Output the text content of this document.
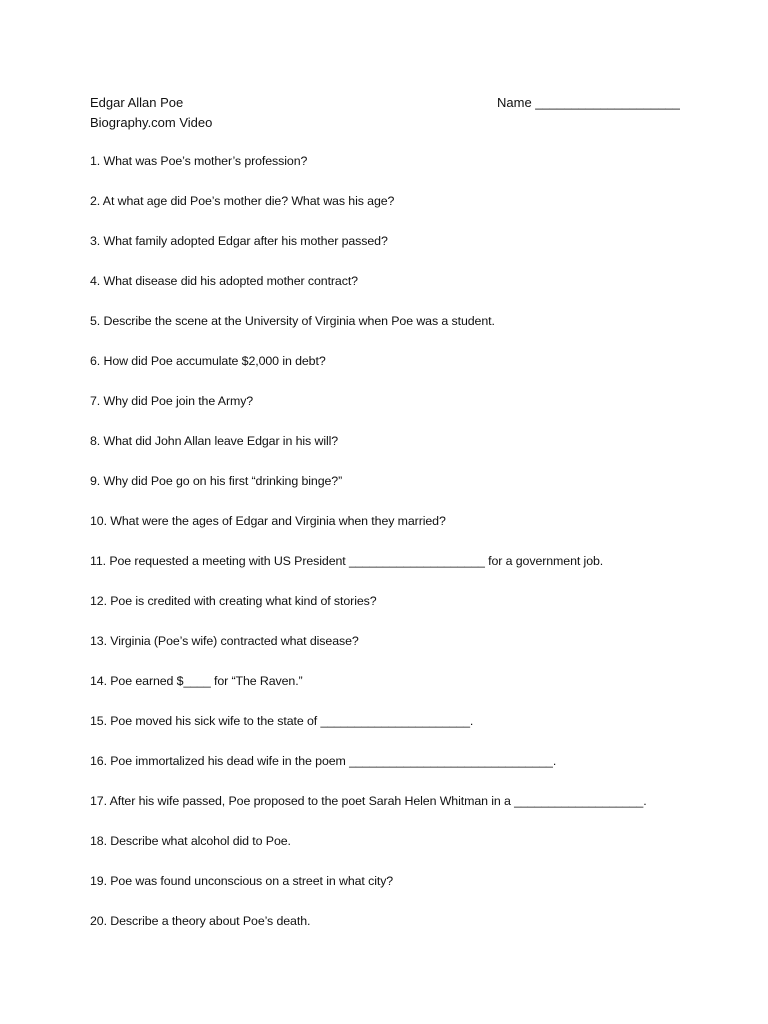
Edgar Allan Poe
Biography.com Video
Name ____________________
1. What was Poe’s mother’s profession?
2. At what age did Poe’s mother die? What was his age?
3. What family adopted Edgar after his mother passed?
4. What disease did his adopted mother contract?
5. Describe the scene at the University of Virginia when Poe was a student.
6. How did Poe accumulate $2,000 in debt?
7. Why did Poe join the Army?
8. What did John Allan leave Edgar in his will?
9. Why did Poe go on his first “drinking binge?”
10. What were the ages of Edgar and Virginia when they married?
11. Poe requested a meeting with US President ____________________ for a government job.
12. Poe is credited with creating what kind of stories?
13. Virginia (Poe’s wife) contracted what disease?
14. Poe earned $____ for “The Raven.”
15. Poe moved his sick wife to the state of ______________________.
16. Poe immortalized his dead wife in the poem ______________________________.
17. After his wife passed, Poe proposed to the poet Sarah Helen Whitman in a ___________________.
18. Describe what alcohol did to Poe.
19. Poe was found unconscious on a street in what city?
20. Describe a theory about Poe’s death.
